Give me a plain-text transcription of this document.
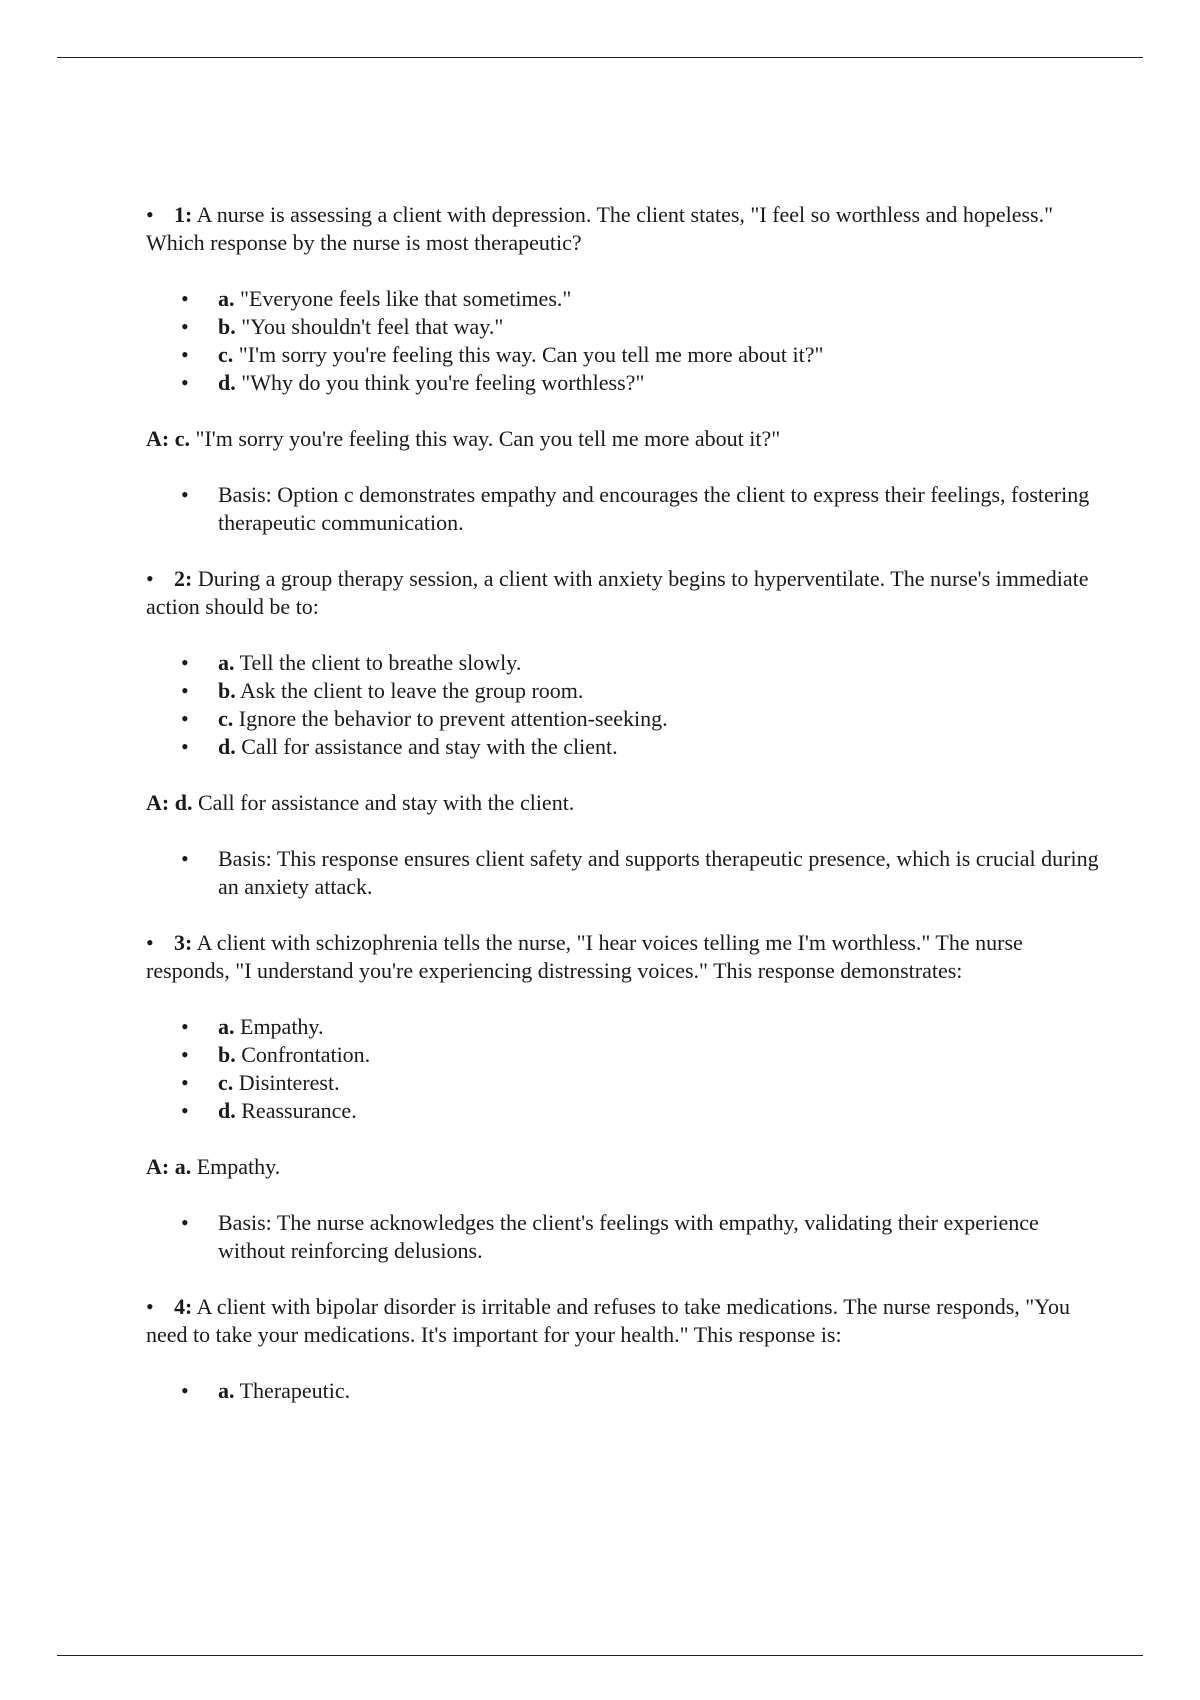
• 1: A nurse is assessing a client with depression. The client states, "I feel so worthless and hopeless." Which response by the nurse is most therapeutic?

• a. "Everyone feels like that sometimes."
• b. "You shouldn't feel that way."
• c. "I'm sorry you're feeling this way. Can you tell me more about it?"
• d. "Why do you think you're feeling worthless?"

A: c. "I'm sorry you're feeling this way. Can you tell me more about it?"

• Basis: Option c demonstrates empathy and encourages the client to express their feelings, fostering therapeutic communication.

• 2: During a group therapy session, a client with anxiety begins to hyperventilate. The nurse's immediate action should be to:

• a. Tell the client to breathe slowly.
• b. Ask the client to leave the group room.
• c. Ignore the behavior to prevent attention-seeking.
• d. Call for assistance and stay with the client.

A: d. Call for assistance and stay with the client.

• Basis: This response ensures client safety and supports therapeutic presence, which is crucial during an anxiety attack.

• 3: A client with schizophrenia tells the nurse, "I hear voices telling me I'm worthless." The nurse responds, "I understand you're experiencing distressing voices." This response demonstrates:

• a. Empathy.
• b. Confrontation.
• c. Disinterest.
• d. Reassurance.

A: a. Empathy.

• Basis: The nurse acknowledges the client's feelings with empathy, validating their experience without reinforcing delusions.

• 4: A client with bipolar disorder is irritable and refuses to take medications. The nurse responds, "You need to take your medications. It's important for your health." This response is:

• a. Therapeutic.
